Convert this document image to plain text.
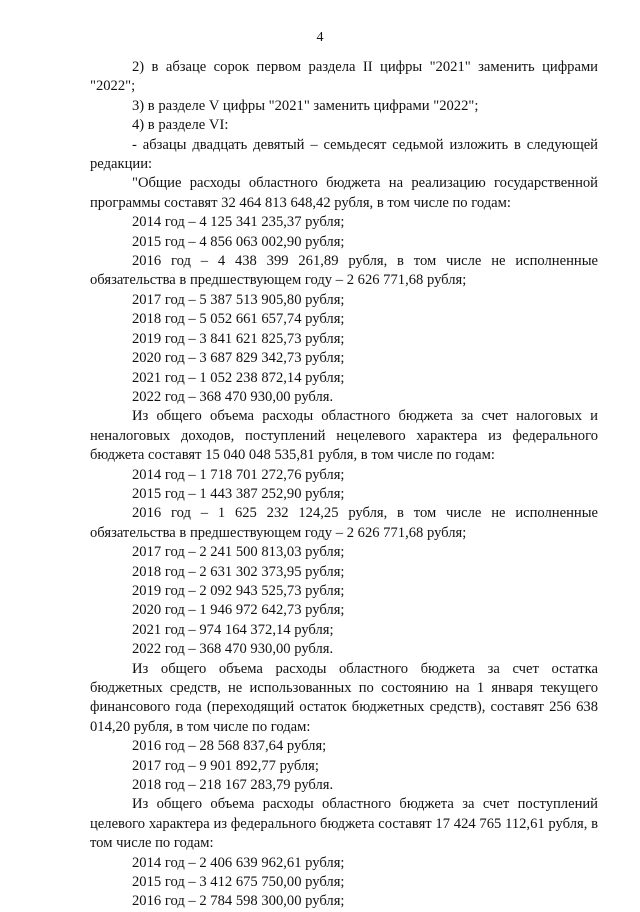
4

2) в абзаце сорок первом раздела II цифры "2021" заменить цифрами "2022";

3) в разделе V цифры "2021" заменить цифрами "2022";

4) в разделе VI:

- абзацы двадцать девятый – семьдесят седьмой изложить в следующей редакции:

"Общие расходы областного бюджета на реализацию государственной программы составят 32 464 813 648,42 рубля, в том числе по годам:

2014 год – 4 125 341 235,37 рубля;

2015 год – 4 856 063 002,90 рубля;

2016 год – 4 438 399 261,89 рубля, в том числе не исполненные обязательства в предшествующем году – 2 626 771,68 рубля;

2017 год – 5 387 513 905,80 рубля;

2018 год – 5 052 661 657,74 рубля;

2019 год – 3 841 621 825,73 рубля;

2020 год – 3 687 829 342,73 рубля;

2021 год – 1 052 238 872,14 рубля;

2022 год – 368 470 930,00 рубля.

Из общего объема расходы областного бюджета за счет налоговых и неналоговых доходов, поступлений нецелевого характера из федерального бюджета составят 15 040 048 535,81 рубля, в том числе по годам:

2014 год – 1 718 701 272,76 рубля;

2015 год – 1 443 387 252,90 рубля;

2016 год – 1 625 232 124,25 рубля, в том числе не исполненные обязательства в предшествующем году – 2 626 771,68 рубля;

2017 год – 2 241 500 813,03 рубля;

2018 год – 2 631 302 373,95 рубля;

2019 год – 2 092 943 525,73 рубля;

2020 год – 1 946 972 642,73 рубля;

2021 год – 974 164 372,14 рубля;

2022 год – 368 470 930,00 рубля.

Из общего объема расходы областного бюджета за счет остатка бюджетных средств, не использованных по состоянию на 1 января текущего финансового года (переходящий остаток бюджетных средств), составят 256 638 014,20 рубля, в том числе по годам:

2016 год – 28 568 837,64 рубля;

2017 год – 9 901 892,77 рубля;

2018 год – 218 167 283,79 рубля.

Из общего объема расходы областного бюджета за счет поступлений целевого характера из федерального бюджета составят 17 424 765 112,61 рубля, в том числе по годам:

2014 год – 2 406 639 962,61 рубля;

2015 год – 3 412 675 750,00 рубля;

2016 год – 2 784 598 300,00 рубля;
